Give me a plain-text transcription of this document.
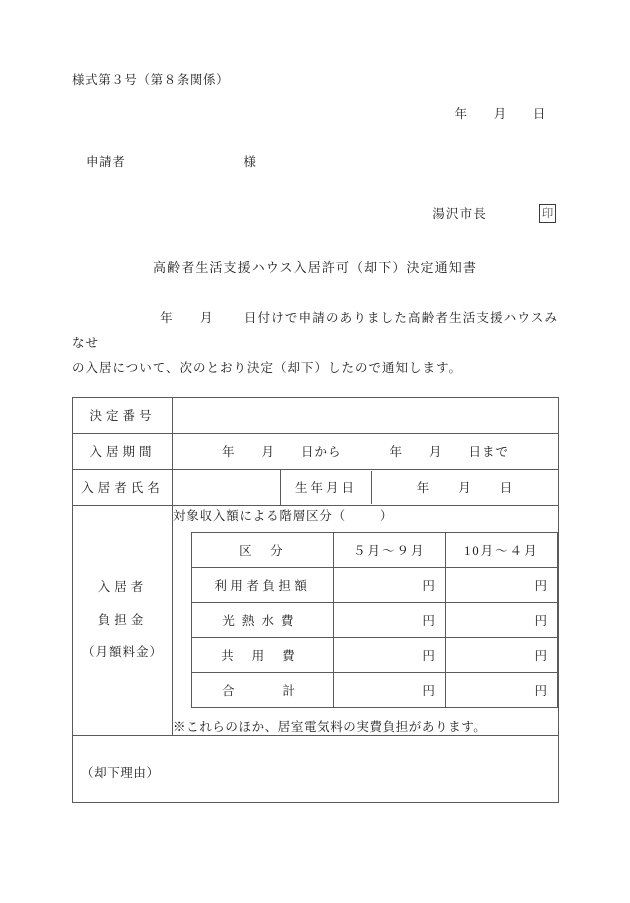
様式第３号（第８条関係）
年 月 日
申請者	様
湯沢市長	印
高齢者生活支援ハウス入居許可（却下）決定通知書
年 月 日付けで申請のありました高齢者生活支援ハウスみなせ
の入居について、次のとおり決定（却下）したので通知します。
決定番号	
入居期間	年 月 日から	年 月 日まで
入居者氏名			生年月日	年 月 日

入居者
負担金
（月額料金）

対象収入額による階層区分（	）
区　分	５月～９月	10月～４月
利用者負担額	円	円
光熱水費	円	円
共用費	円	円
合計	円	円
※これらのほか、居室電気料の実費負担があります。

（却下理由）
